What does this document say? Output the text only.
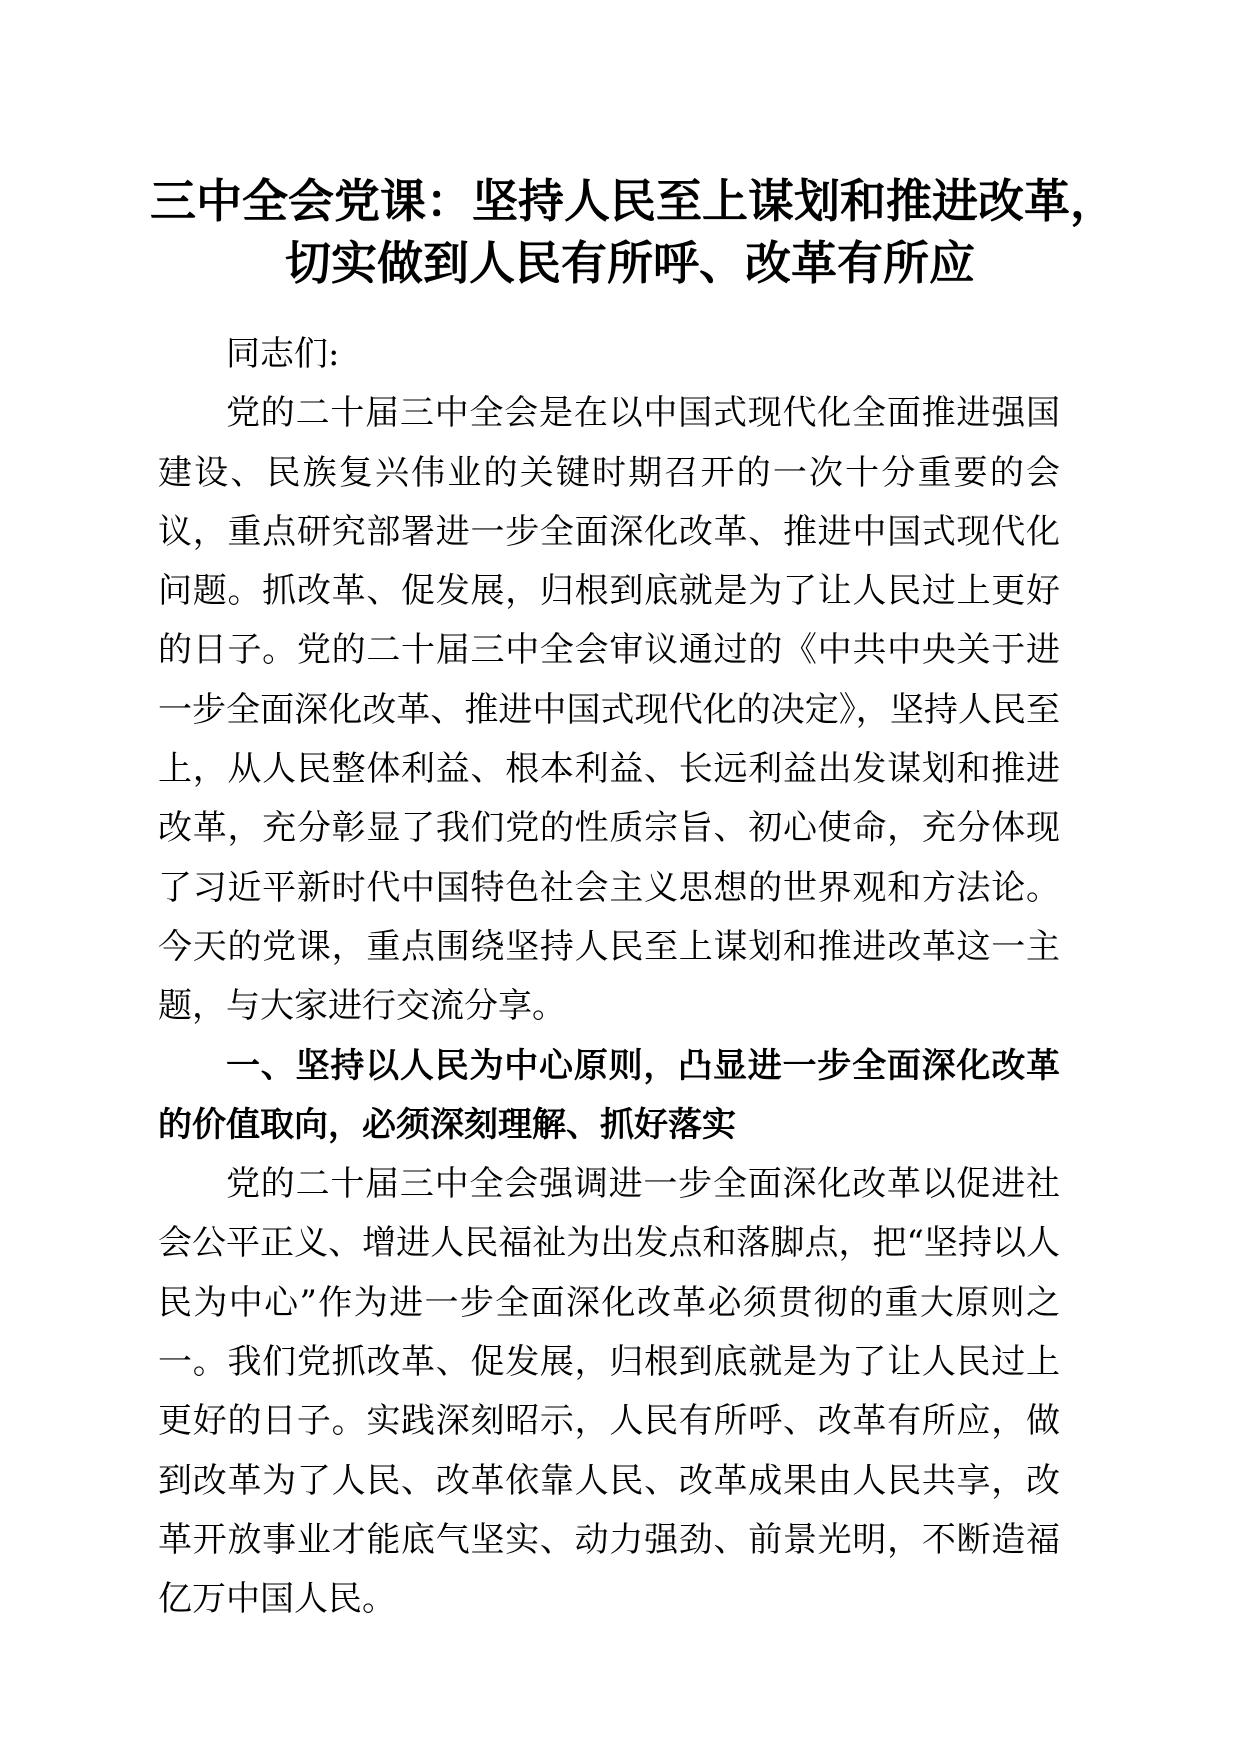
三中全会党课：坚持人民至上谋划和推进改革，
切实做到人民有所呼、改革有所应

同志们:

党的二十届三中全会是在以中国式现代化全面推进强国建设、民族复兴伟业的关键时期召开的一次十分重要的会议，重点研究部署进一步全面深化改革、推进中国式现代化问题。抓改革、促发展，归根到底就是为了让人民过上更好的日子。党的二十届三中全会审议通过的《中共中央关于进一步全面深化改革、推进中国式现代化的决定》，坚持人民至上，从人民整体利益、根本利益、长远利益出发谋划和推进改革，充分彰显了我们党的性质宗旨、初心使命，充分体现了习近平新时代中国特色社会主义思想的世界观和方法论。今天的党课，重点围绕坚持人民至上谋划和推进改革这一主题，与大家进行交流分享。

一、坚持以人民为中心原则，凸显进一步全面深化改革的价值取向，必须深刻理解、抓好落实

党的二十届三中全会强调进一步全面深化改革以促进社会公平正义、增进人民福祉为出发点和落脚点，把“坚持以人民为中心”作为进一步全面深化改革必须贯彻的重大原则之一。我们党抓改革、促发展，归根到底就是为了让人民过上更好的日子。实践深刻昭示，人民有所呼、改革有所应，做到改革为了人民、改革依靠人民、改革成果由人民共享，改革开放事业才能底气坚实、动力强劲、前景光明，不断造福亿万中国人民。
